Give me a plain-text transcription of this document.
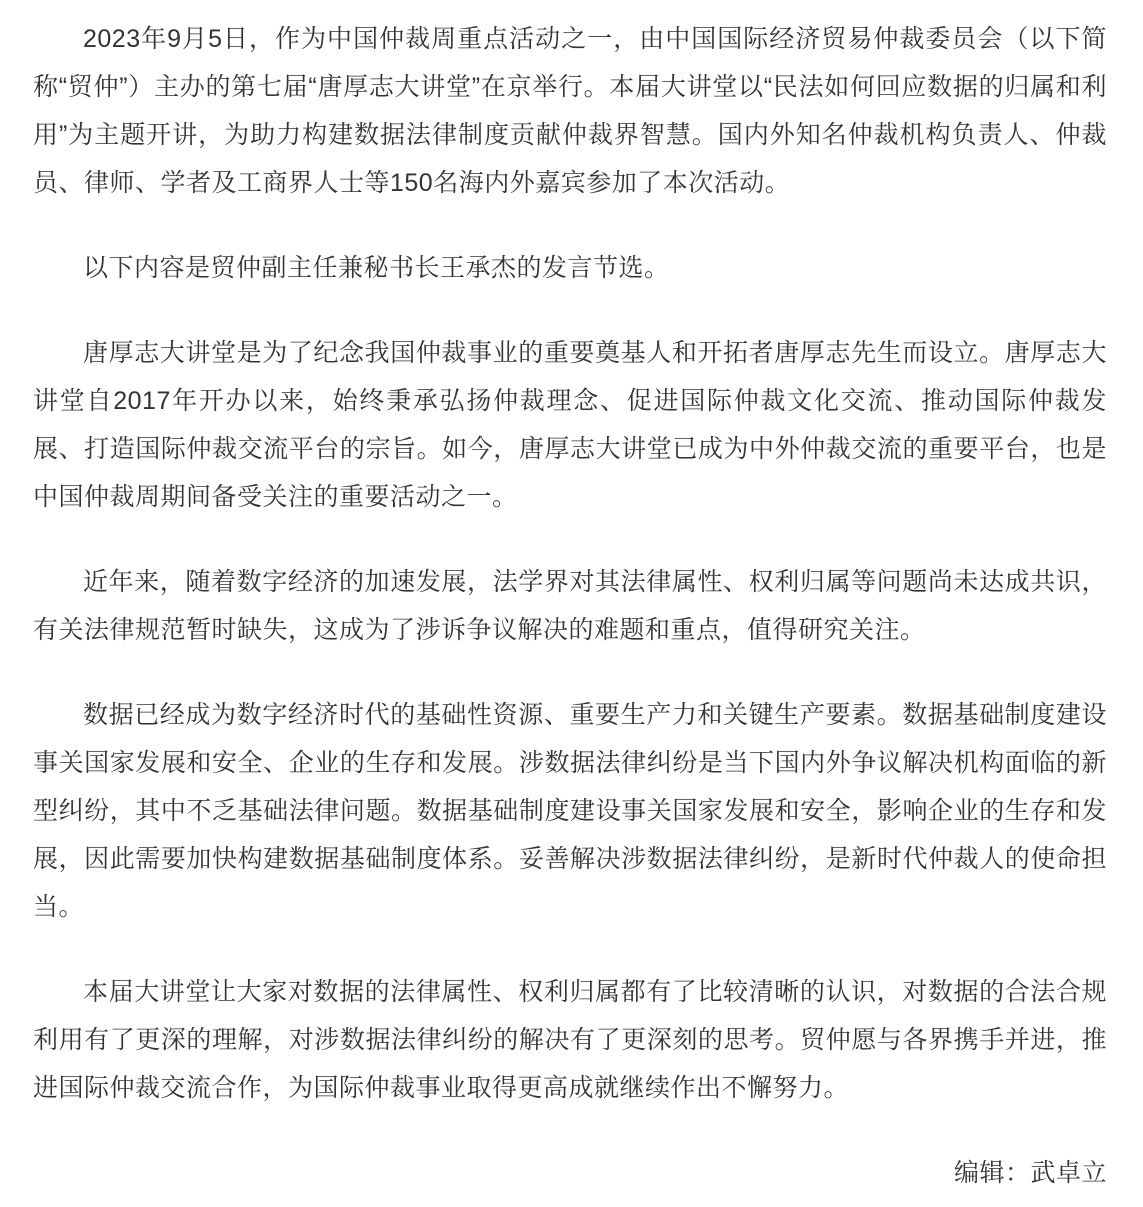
2023年9月5日，作为中国仲裁周重点活动之一，由中国国际经济贸易仲裁委员会（以下简称“贸仲”）主办的第七届“唐厚志大讲堂”在京举行。本届大讲堂以“民法如何回应数据的归属和利用”为主题开讲，为助力构建数据法律制度贡献仲裁界智慧。国内外知名仲裁机构负责人、仲裁员、律师、学者及工商界人士等150名海内外嘉宾参加了本次活动。

以下内容是贸仲副主任兼秘书长王承杰的发言节选。

唐厚志大讲堂是为了纪念我国仲裁事业的重要奠基人和开拓者唐厚志先生而设立。唐厚志大讲堂自2017年开办以来，始终秉承弘扬仲裁理念、促进国际仲裁文化交流、推动国际仲裁发展、打造国际仲裁交流平台的宗旨。如今，唐厚志大讲堂已成为中外仲裁交流的重要平台，也是中国仲裁周期间备受关注的重要活动之一。

近年来，随着数字经济的加速发展，法学界对其法律属性、权利归属等问题尚未达成共识，有关法律规范暂时缺失，这成为了涉诉争议解决的难题和重点，值得研究关注。

数据已经成为数字经济时代的基础性资源、重要生产力和关键生产要素。数据基础制度建设事关国家发展和安全、企业的生存和发展。涉数据法律纠纷是当下国内外争议解决机构面临的新型纠纷，其中不乏基础法律问题。数据基础制度建设事关国家发展和安全，影响企业的生存和发展，因此需要加快构建数据基础制度体系。妥善解决涉数据法律纠纷，是新时代仲裁人的使命担当。

本届大讲堂让大家对数据的法律属性、权利归属都有了比较清晰的认识，对数据的合法合规利用有了更深的理解，对涉数据法律纠纷的解决有了更深刻的思考。贸仲愿与各界携手并进，推进国际仲裁交流合作，为国际仲裁事业取得更高成就继续作出不懈努力。

编辑：武卓立
